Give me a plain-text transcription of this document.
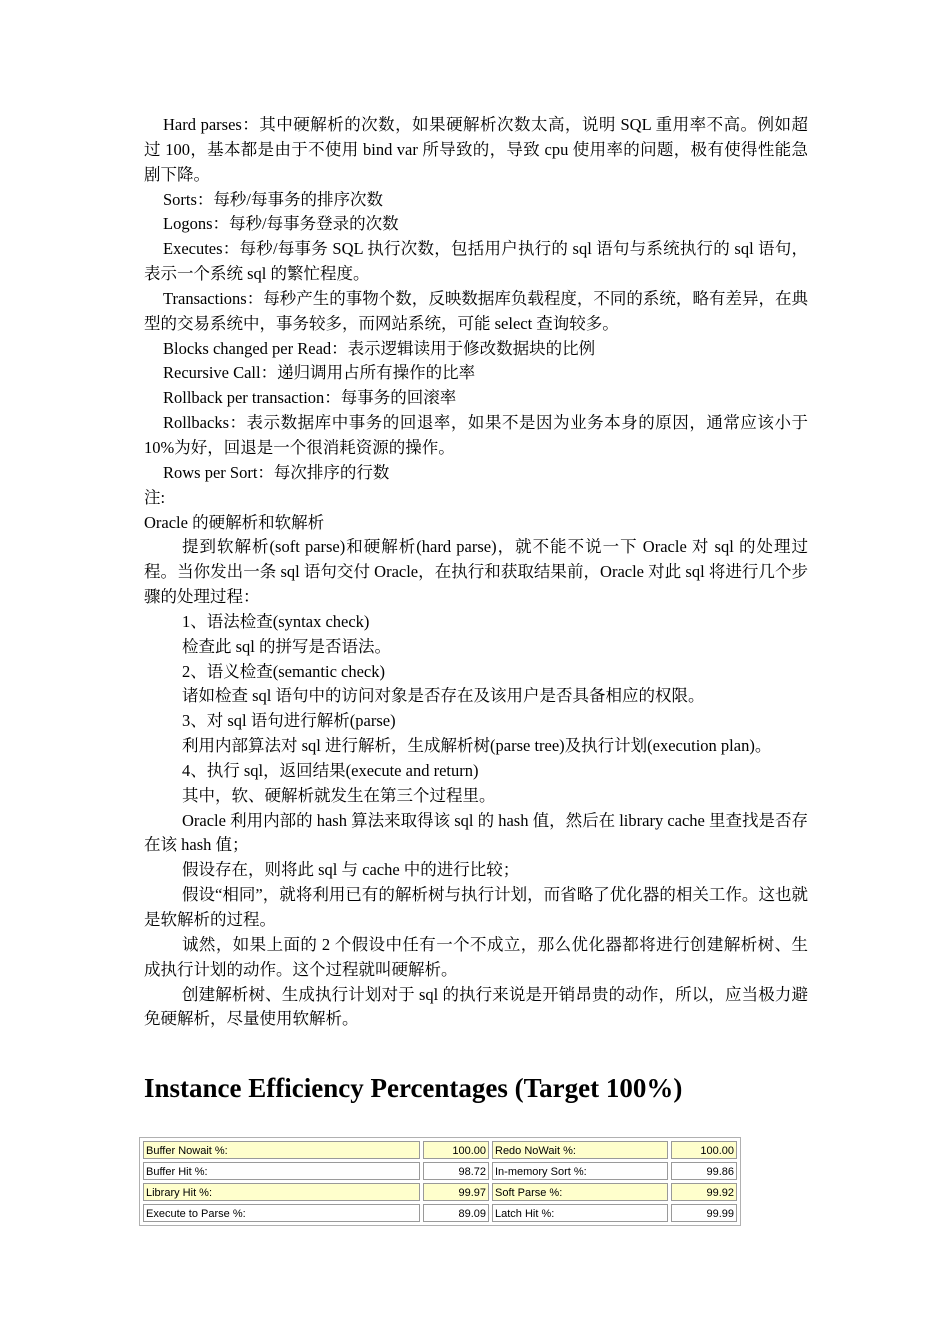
Hard parses：其中硬解析的次数，如果硬解析次数太高，说明 SQL 重用率不高。例如超过 100，基本都是由于不使用 bind var 所导致的，导致 cpu 使用率的问题，极有使得性能急剧下降。

Sorts：每秒/每事务的排序次数

Logons：每秒/每事务登录的次数

Executes：每秒/每事务 SQL 执行次数，包括用户执行的 sql 语句与系统执行的 sql 语句，表示一个系统 sql 的繁忙程度。

Transactions：每秒产生的事物个数，反映数据库负载程度，不同的系统，略有差异，在典型的交易系统中，事务较多，而网站系统，可能 select 查询较多。

Blocks changed per Read：表示逻辑读用于修改数据块的比例

Recursive Call：递归调用占所有操作的比率

Rollback per transaction：每事务的回滚率

Rollbacks：表示数据库中事务的回退率，如果不是因为业务本身的原因，通常应该小于 10%为好，回退是一个很消耗资源的操作。

Rows per Sort：每次排序的行数

注:

Oracle 的硬解析和软解析

提到软解析(soft parse)和硬解析(hard parse)，就不能不说一下 Oracle 对 sql 的处理过程。当你发出一条 sql 语句交付 Oracle，在执行和获取结果前，Oracle 对此 sql 将进行几个步骤的处理过程：

1、语法检查(syntax check)

检查此 sql 的拼写是否语法。

2、语义检查(semantic check)

诸如检查 sql 语句中的访问对象是否存在及该用户是否具备相应的权限。

3、对 sql 语句进行解析(parse)

利用内部算法对 sql 进行解析，生成解析树(parse tree)及执行计划(execution plan)。

4、执行 sql，返回结果(execute and return)

其中，软、硬解析就发生在第三个过程里。

Oracle 利用内部的 hash 算法来取得该 sql 的 hash 值，然后在 library cache 里查找是否存在该 hash 值；

假设存在，则将此 sql 与 cache 中的进行比较；

假设“相同”，就将利用已有的解析树与执行计划，而省略了优化器的相关工作。这也就是软解析的过程。

诚然，如果上面的 2 个假设中任有一个不成立，那么优化器都将进行创建解析树、生成执行计划的动作。这个过程就叫硬解析。

创建解析树、生成执行计划对于 sql 的执行来说是开销昂贵的动作，所以，应当极力避免硬解析，尽量使用软解析。

Instance Efficiency Percentages (Target 100%)
Buffer Nowait %:	100.00	Redo NoWait %:	100.00
Buffer Hit %:	98.72	In-memory Sort %:	99.86
Library Hit %:	99.97	Soft Parse %:	99.92
Execute to Parse %:	89.09	Latch Hit %:	99.99
